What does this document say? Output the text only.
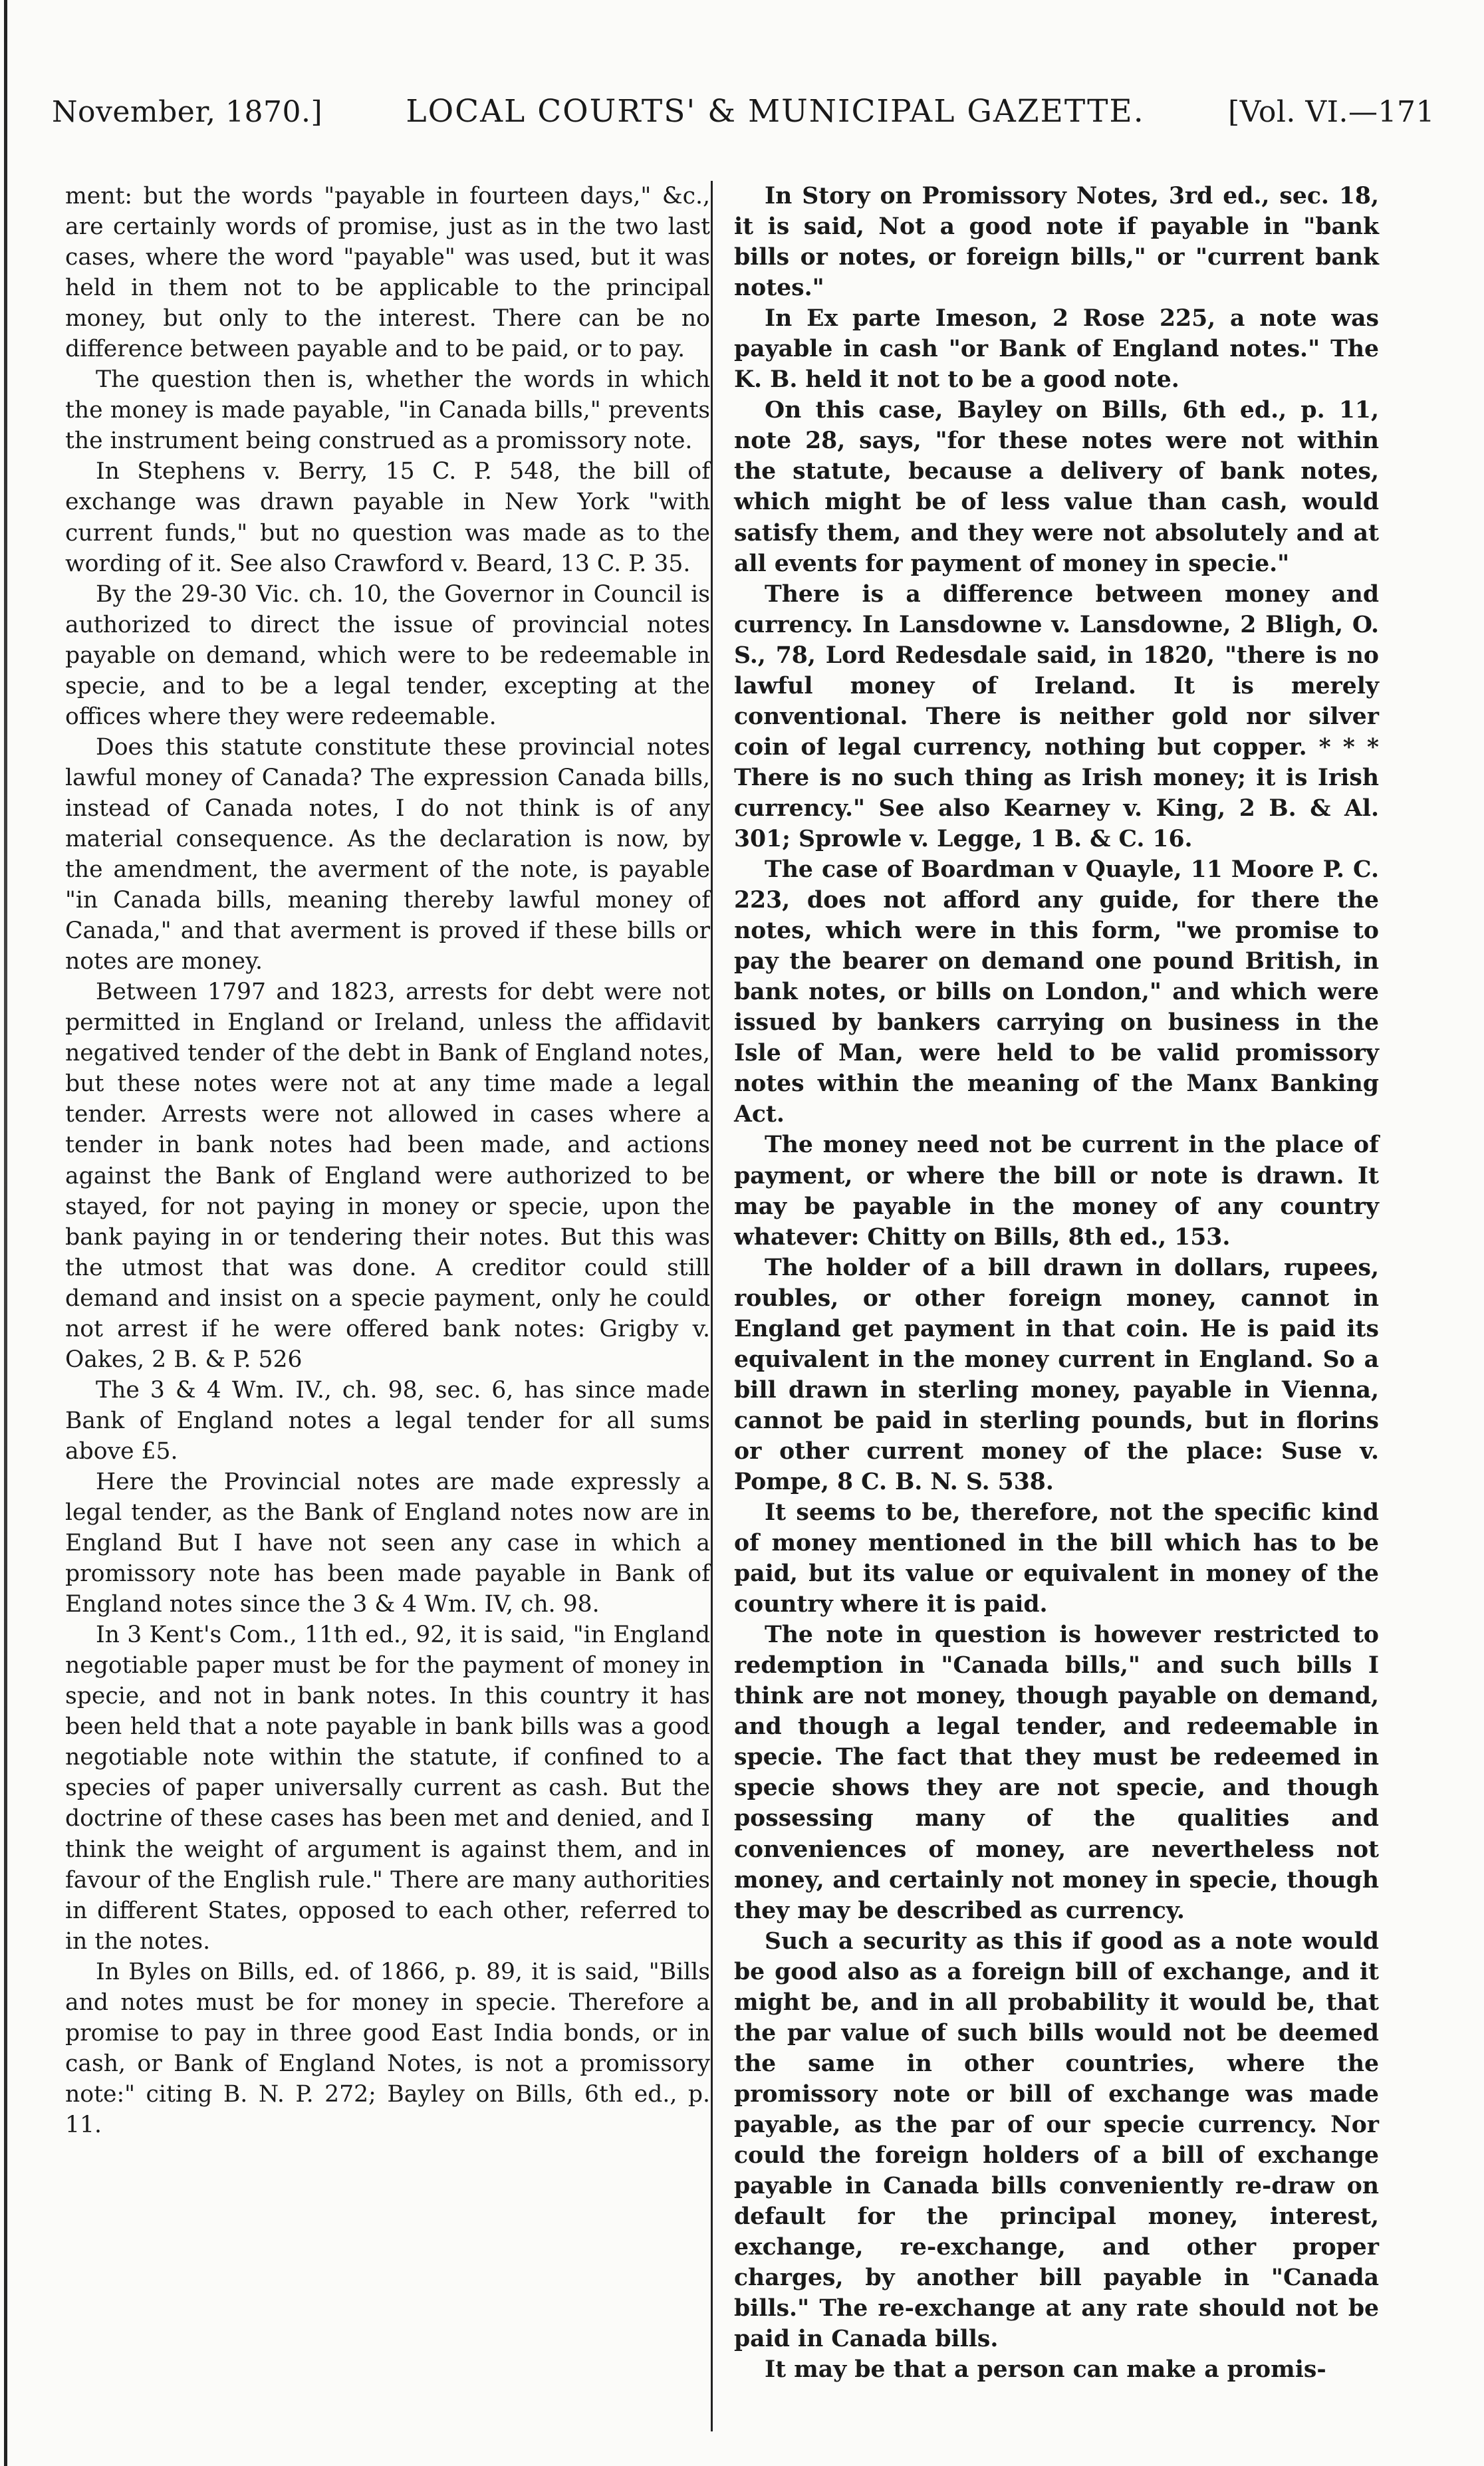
November, 1870.]	LOCAL COURTS' & MUNICIPAL GAZETTE.	[Vol. VI.—171

ment: but the words "payable in fourteen days," &c., are certainly words of promise, just as in the two last cases, where the word "payable" was used, but it was held in them not to be applicable to the principal money, but only to the interest. There can be no difference between payable and to be paid, or to pay.

The question then is, whether the words in which the money is made payable, "in Canada bills," prevents the instrument being construed as a promissory note.

In Stephens v. Berry, 15 C. P. 548, the bill of exchange was drawn payable in New York "with current funds," but no question was made as to the wording of it. See also Crawford v. Beard, 13 C. P. 35.

By the 29-30 Vic. ch. 10, the Governor in Council is authorized to direct the issue of provincial notes payable on demand, which were to be redeemable in specie, and to be a legal tender, excepting at the offices where they were redeemable.

Does this statute constitute these provincial notes lawful money of Canada? The expression Canada bills, instead of Canada notes, I do not think is of any material consequence. As the declaration is now, by the amendment, the averment of the note, is payable "in Canada bills, meaning thereby lawful money of Canada," and that averment is proved if these bills or notes are money.

Between 1797 and 1823, arrests for debt were not permitted in England or Ireland, unless the affidavit negatived tender of the debt in Bank of England notes, but these notes were not at any time made a legal tender. Arrests were not allowed in cases where a tender in bank notes had been made, and actions against the Bank of England were authorized to be stayed, for not paying in money or specie, upon the bank paying in or tendering their notes. But this was the utmost that was done. A creditor could still demand and insist on a specie payment, only he could not arrest if he were offered bank notes: Grigby v. Oakes, 2 B. & P. 526

The 3 & 4 Wm. IV., ch. 98, sec. 6, has since made Bank of England notes a legal tender for all sums above £5.

Here the Provincial notes are made expressly a legal tender, as the Bank of England notes now are in England But I have not seen any case in which a promissory note has been made payable in Bank of England notes since the 3 & 4 Wm. IV, ch. 98.

In 3 Kent's Com., 11th ed., 92, it is said, "in England negotiable paper must be for the payment of money in specie, and not in bank notes. In this country it has been held that a note payable in bank bills was a good negotiable note within the statute, if confined to a species of paper universally current as cash. But the doctrine of these cases has been met and denied, and I think the weight of argument is against them, and in favour of the English rule." There are many authorities in different States, opposed to each other, referred to in the notes.

In Byles on Bills, ed. of 1866, p. 89, it is said, "Bills and notes must be for money in specie. Therefore a promise to pay in three good East India bonds, or in cash, or Bank of England Notes, is not a promissory note:" citing B. N. P. 272; Bayley on Bills, 6th ed., p. 11.

In Story on Promissory Notes, 3rd ed., sec. 18, it is said, Not a good note if payable in "bank bills or notes, or foreign bills," or "current bank notes."

In Ex parte Imeson, 2 Rose 225, a note was payable in cash "or Bank of England notes." The K. B. held it not to be a good note.

On this case, Bayley on Bills, 6th ed., p. 11, note 28, says, "for these notes were not within the statute, because a delivery of bank notes, which might be of less value than cash, would satisfy them, and they were not absolutely and at all events for payment of money in specie."

There is a difference between money and currency. In Lansdowne v. Lansdowne, 2 Bligh, O. S., 78, Lord Redesdale said, in 1820, "there is no lawful money of Ireland. It is merely conventional. There is neither gold nor silver coin of legal currency, nothing but copper. * * * There is no such thing as Irish money; it is Irish currency." See also Kearney v. King, 2 B. & Al. 301; Sprowle v. Legge, 1 B. & C. 16.

The case of Boardman v Quayle, 11 Moore P. C. 223, does not afford any guide, for there the notes, which were in this form, "we promise to pay the bearer on demand one pound British, in bank notes, or bills on London," and which were issued by bankers carrying on business in the Isle of Man, were held to be valid promissory notes within the meaning of the Manx Banking Act.

The money need not be current in the place of payment, or where the bill or note is drawn. It may be payable in the money of any country whatever: Chitty on Bills, 8th ed., 153.

The holder of a bill drawn in dollars, rupees, roubles, or other foreign money, cannot in England get payment in that coin. He is paid its equivalent in the money current in England. So a bill drawn in sterling money, payable in Vienna, cannot be paid in sterling pounds, but in florins or other current money of the place: Suse v. Pompe, 8 C. B. N. S. 538.

It seems to be, therefore, not the specific kind of money mentioned in the bill which has to be paid, but its value or equivalent in money of the country where it is paid.

The note in question is however restricted to redemption in "Canada bills," and such bills I think are not money, though payable on demand, and though a legal tender, and redeemable in specie. The fact that they must be redeemed in specie shows they are not specie, and though possessing many of the qualities and conveniences of money, are nevertheless not money, and certainly not money in specie, though they may be described as currency.

Such a security as this if good as a note would be good also as a foreign bill of exchange, and it might be, and in all probability it would be, that the par value of such bills would not be deemed the same in other countries, where the promissory note or bill of exchange was made payable, as the par of our specie currency. Nor could the foreign holders of a bill of exchange payable in Canada bills conveniently re-draw on default for the principal money, interest, exchange, re-exchange, and other proper charges, by another bill payable in "Canada bills." The re-exchange at any rate should not be paid in Canada bills.

It may be that a person can make a promis-
